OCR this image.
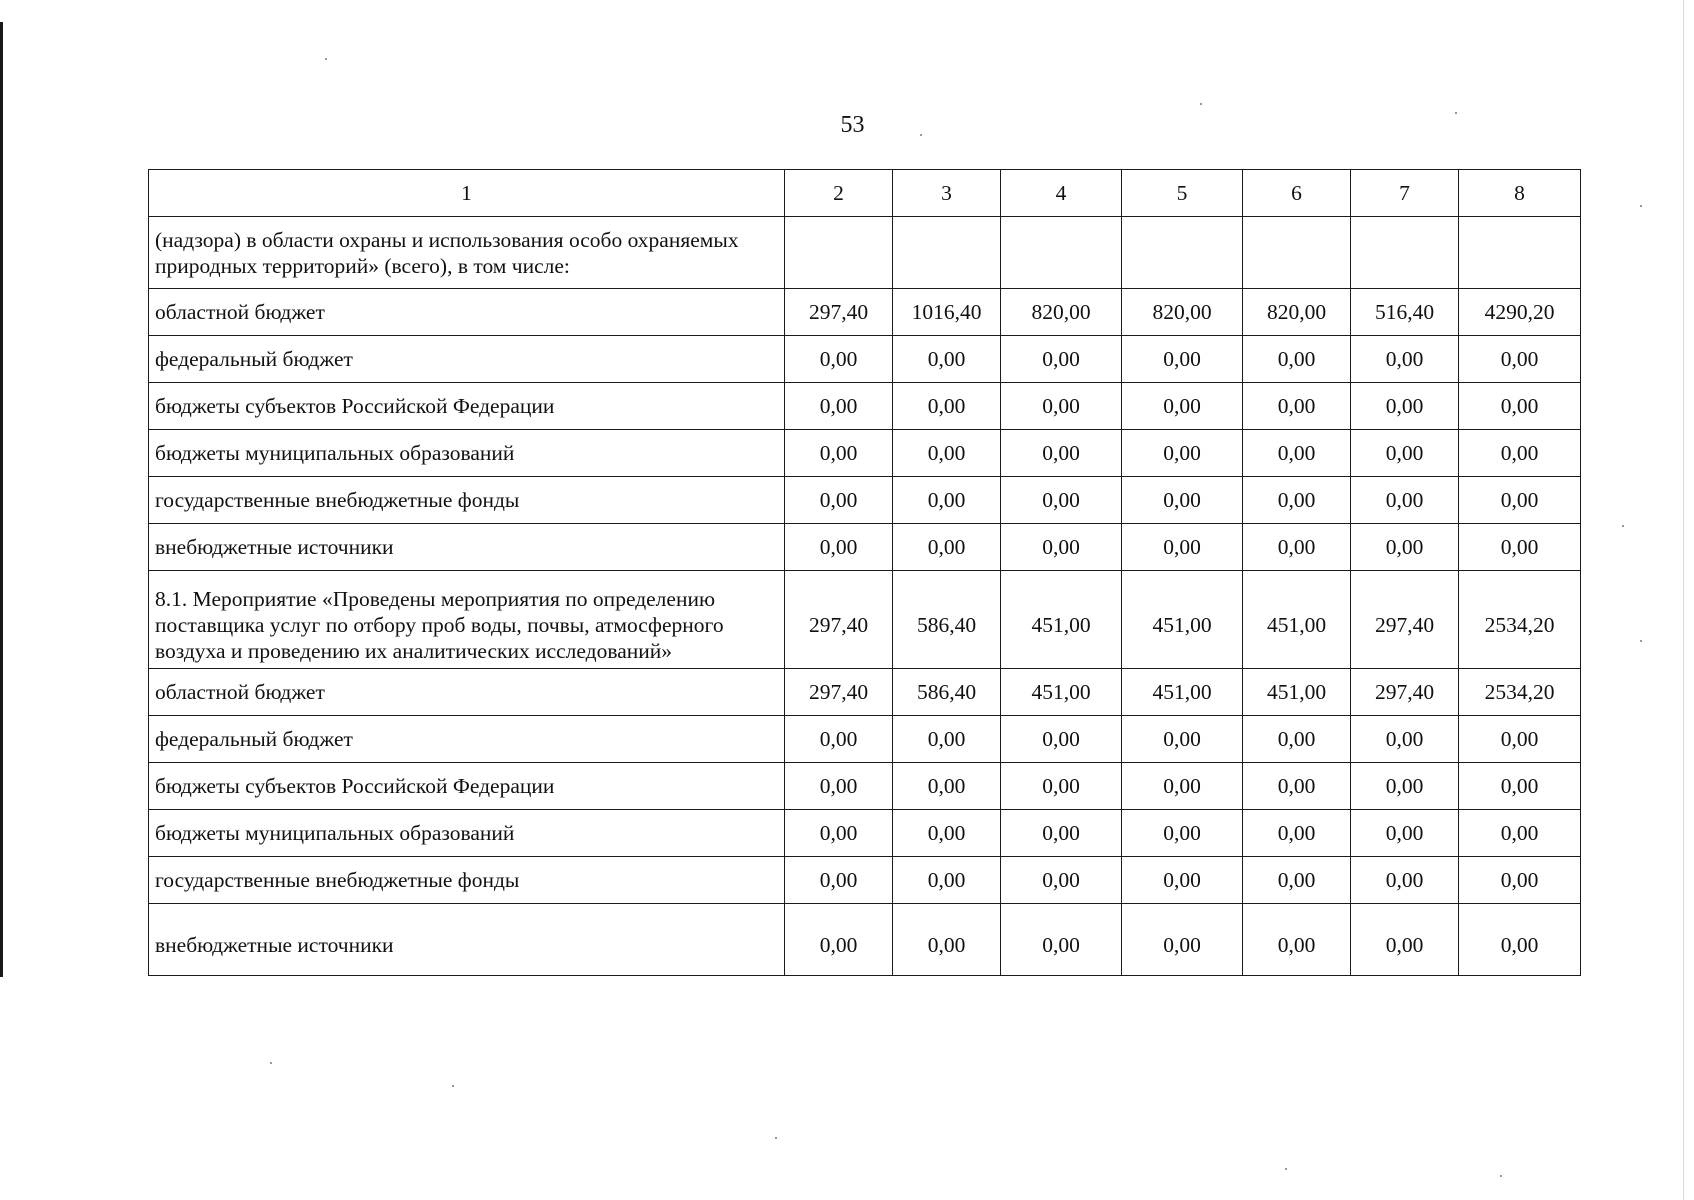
53
1	2	3	4	5	6	7	8
(надзора) в области охраны и использования особо охраняемых природных территорий» (всего), в том числе:							
областной бюджет	297,40	1016,40	820,00	820,00	820,00	516,40	4290,20
федеральный бюджет	0,00	0,00	0,00	0,00	0,00	0,00	0,00
бюджеты субъектов Российской Федерации	0,00	0,00	0,00	0,00	0,00	0,00	0,00
бюджеты муниципальных образований	0,00	0,00	0,00	0,00	0,00	0,00	0,00
государственные внебюджетные фонды	0,00	0,00	0,00	0,00	0,00	0,00	0,00
внебюджетные источники	0,00	0,00	0,00	0,00	0,00	0,00	0,00
8.1. Мероприятие «Проведены мероприятия по определению поставщика услуг по отбору проб воды, почвы, атмосферного воздуха и проведению их аналитических исследований»	297,40	586,40	451,00	451,00	451,00	297,40	2534,20
областной бюджет	297,40	586,40	451,00	451,00	451,00	297,40	2534,20
федеральный бюджет	0,00	0,00	0,00	0,00	0,00	0,00	0,00
бюджеты субъектов Российской Федерации	0,00	0,00	0,00	0,00	0,00	0,00	0,00
бюджеты муниципальных образований	0,00	0,00	0,00	0,00	0,00	0,00	0,00
государственные внебюджетные фонды	0,00	0,00	0,00	0,00	0,00	0,00	0,00
внебюджетные источники	0,00	0,00	0,00	0,00	0,00	0,00	0,00
